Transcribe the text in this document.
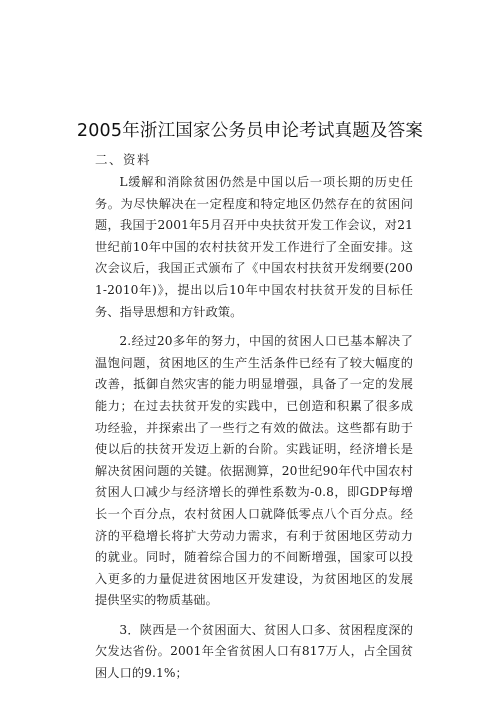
2005年浙江国家公务员申论考试真题及答案
二、资料

L缓解和消除贫困仍然是中国以后一项长期的历史任务。为尽快解决在一定程度和特定地区仍然存在的贫困问题，我国于2001年5月召开中央扶贫开发工作会议，对21世纪前10年中国的农村扶贫开发工作进行了全面安排。这次会议后，我国正式颁布了《中国农村扶贫开发纲要(2001-2010年)》，提出以后10年中国农村扶贫开发的目标任务、指导思想和方针政策。

2.经过20多年的努力，中国的贫困人口已基本解决了温饱问题，贫困地区的生产生活条件已经有了较大幅度的改善，抵御自然灾害的能力明显增强，具备了一定的发展能力；在过去扶贫开发的实践中，已创造和积累了很多成功经验，并探索出了一些行之有效的做法。这些都有助于使以后的扶贫开发迈上新的台阶。实践证明，经济增长是解决贫困问题的关键。依据测算，20世纪90年代中国农村贫困人口减少与经济增长的弹性系数为-0.8，即GDP每增长一个百分点，农村贫困人口就降低零点八个百分点。经济的平稳增长将扩大劳动力需求，有利于贫困地区劳动力的就业。同时，随着综合国力的不间断增强，国家可以投入更多的力量促进贫困地区开发建设，为贫困地区的发展提供坚实的物质基础。

3．陕西是一个贫困面大、贫困人口多、贫困程度深的欠发达省份。2001年全省贫困人口有817万人，占全国贫困人口的9.1%；
